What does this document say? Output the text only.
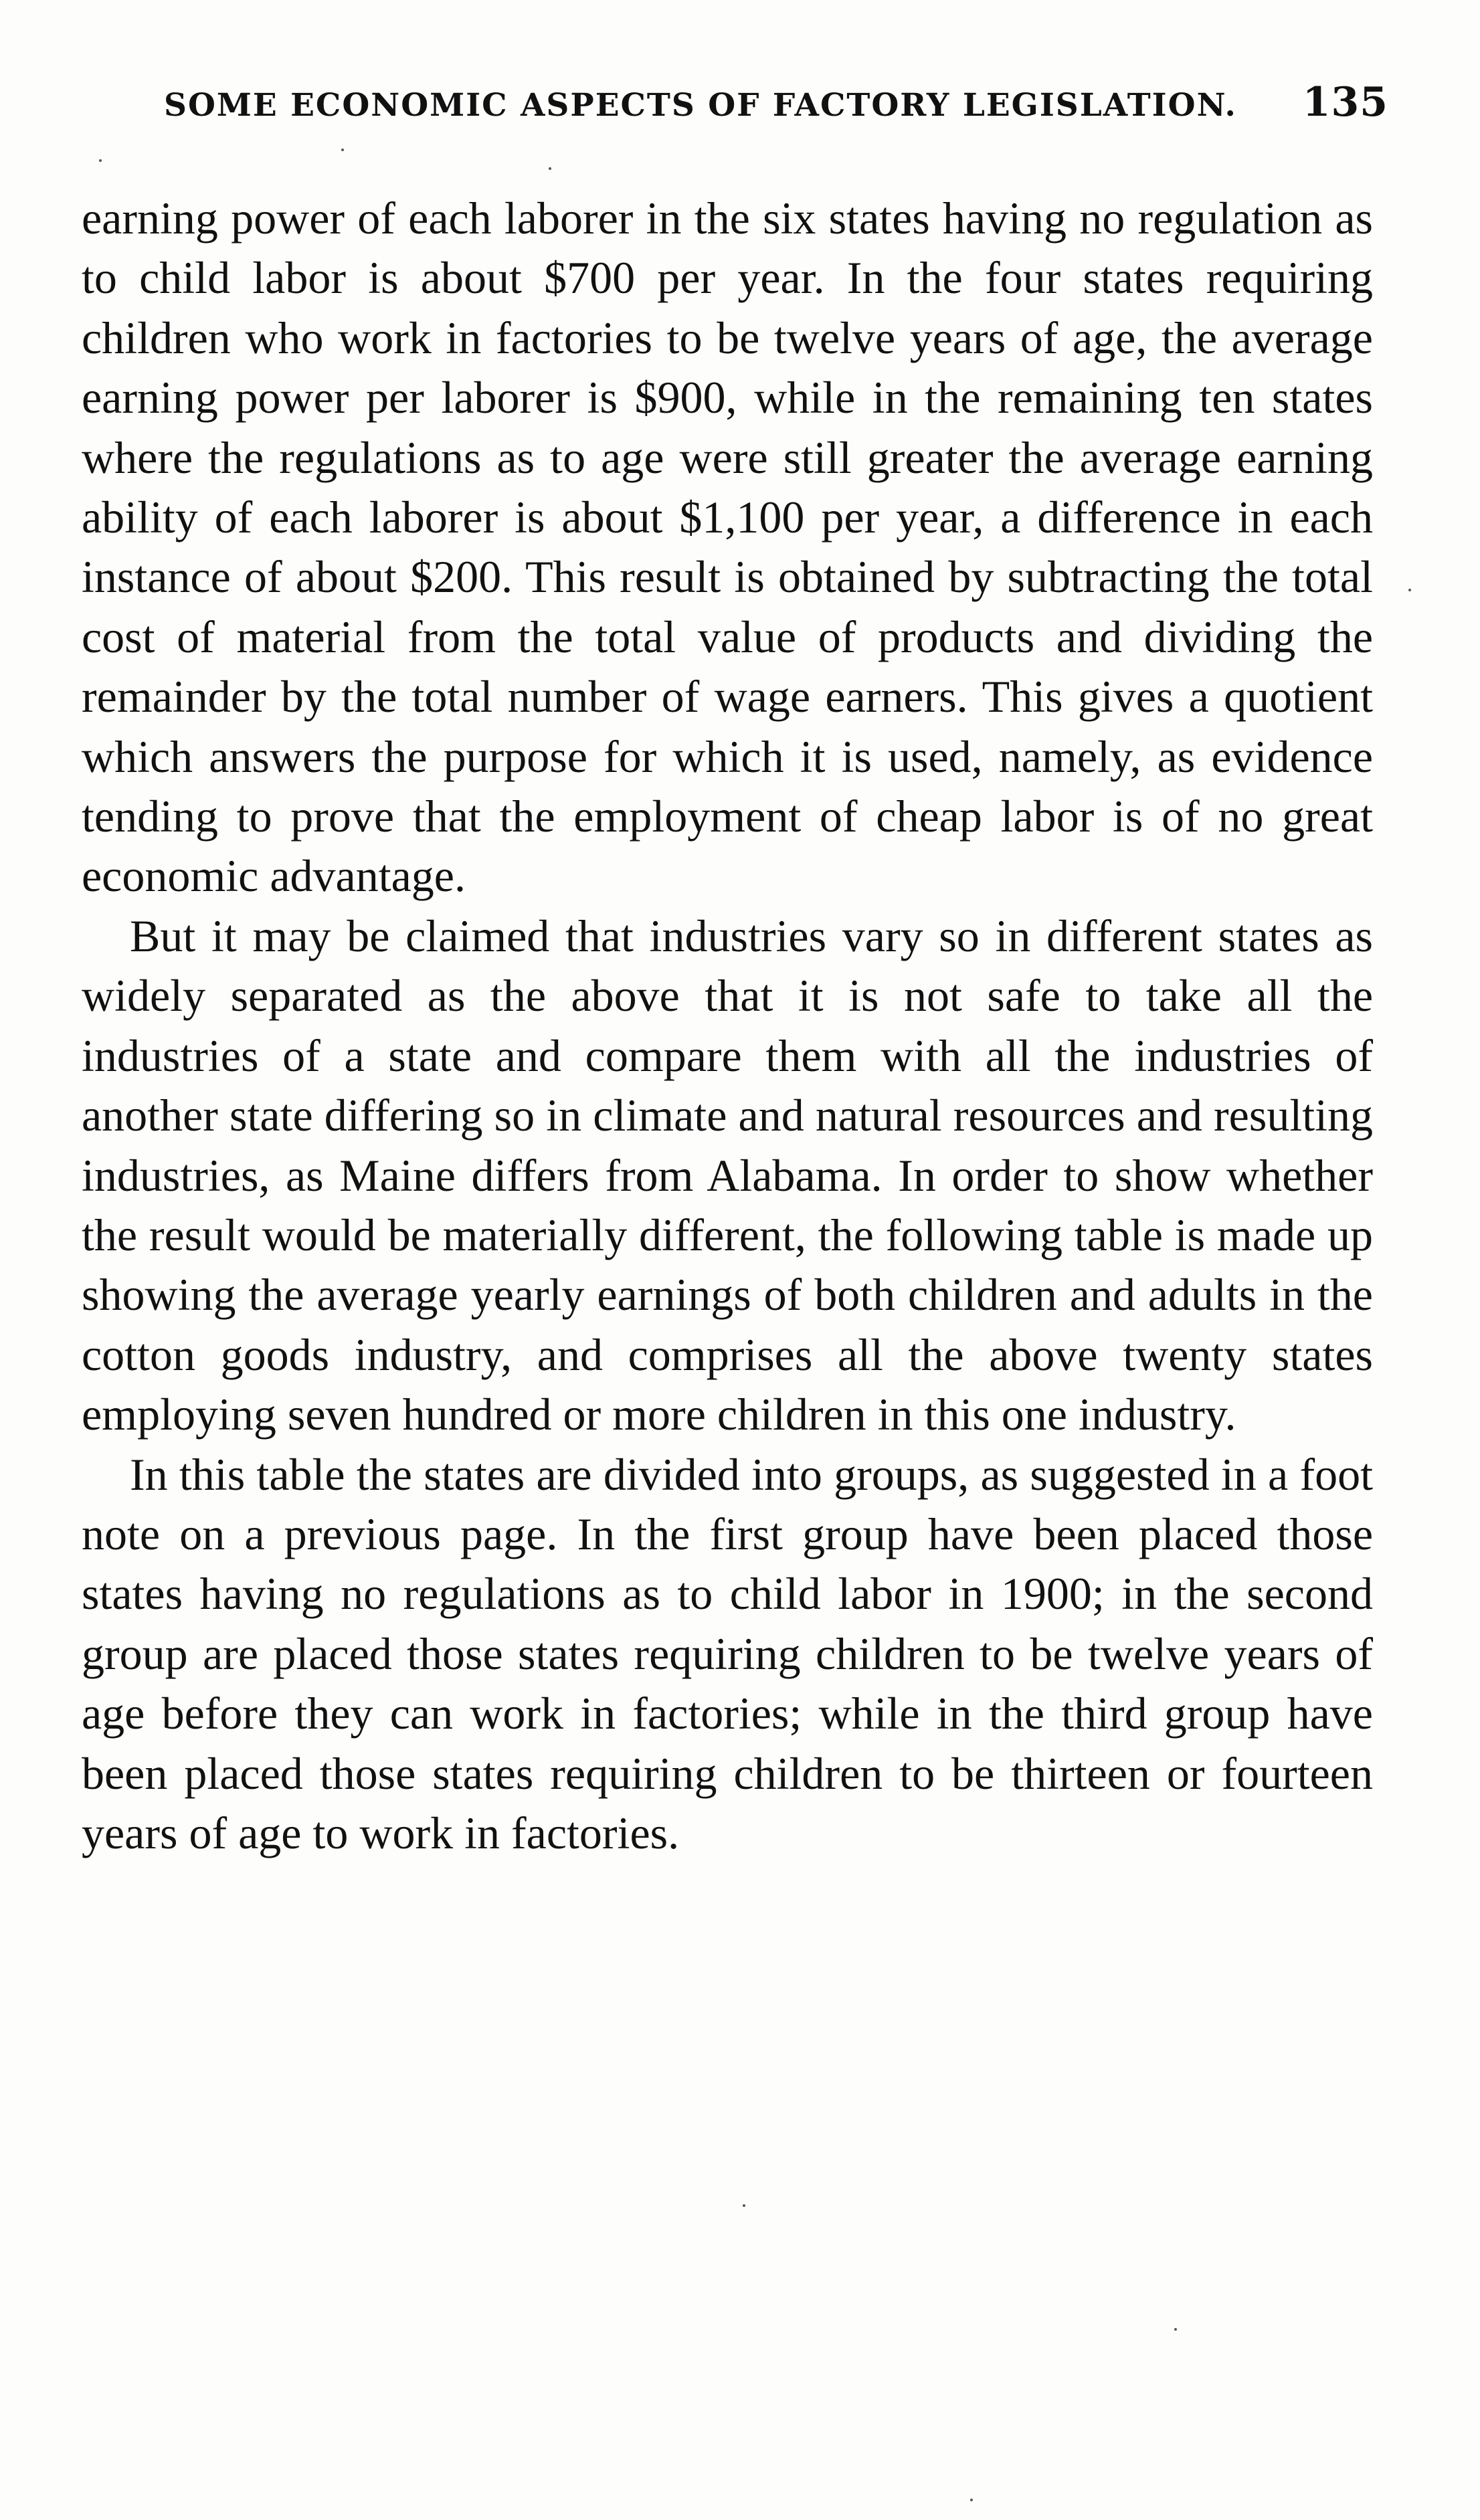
SOME ECONOMIC ASPECTS OF FACTORY LEGISLATION. 135

earning power of each laborer in the six states having no regulation as to child labor is about $700 per year. In the four states requiring children who work in factories to be twelve years of age, the average earning power per laborer is $900, while in the remaining ten states where the regulations as to age were still greater the average earning ability of each laborer is about $1,100 per year, a difference in each instance of about $200. This result is obtained by subtracting the total cost of material from the total value of products and dividing the remainder by the total number of wage earners. This gives a quotient which answers the purpose for which it is used, namely, as evidence tending to prove that the employment of cheap labor is of no great economic advantage.

But it may be claimed that industries vary so in different states as widely separated as the above that it is not safe to take all the industries of a state and compare them with all the industries of another state differing so in climate and natural resources and resulting industries, as Maine differs from Alabama. In order to show whether the result would be materially different, the following table is made up showing the average yearly earnings of both children and adults in the cotton goods industry, and comprises all the above twenty states employing seven hundred or more children in this one industry.

In this table the states are divided into groups, as suggested in a foot note on a previous page. In the first group have been placed those states having no regulations as to child labor in 1900; in the second group are placed those states requiring children to be twelve years of age before they can work in factories; while in the third group have been placed those states requiring children to be thirteen or fourteen years of age to work in factories.
